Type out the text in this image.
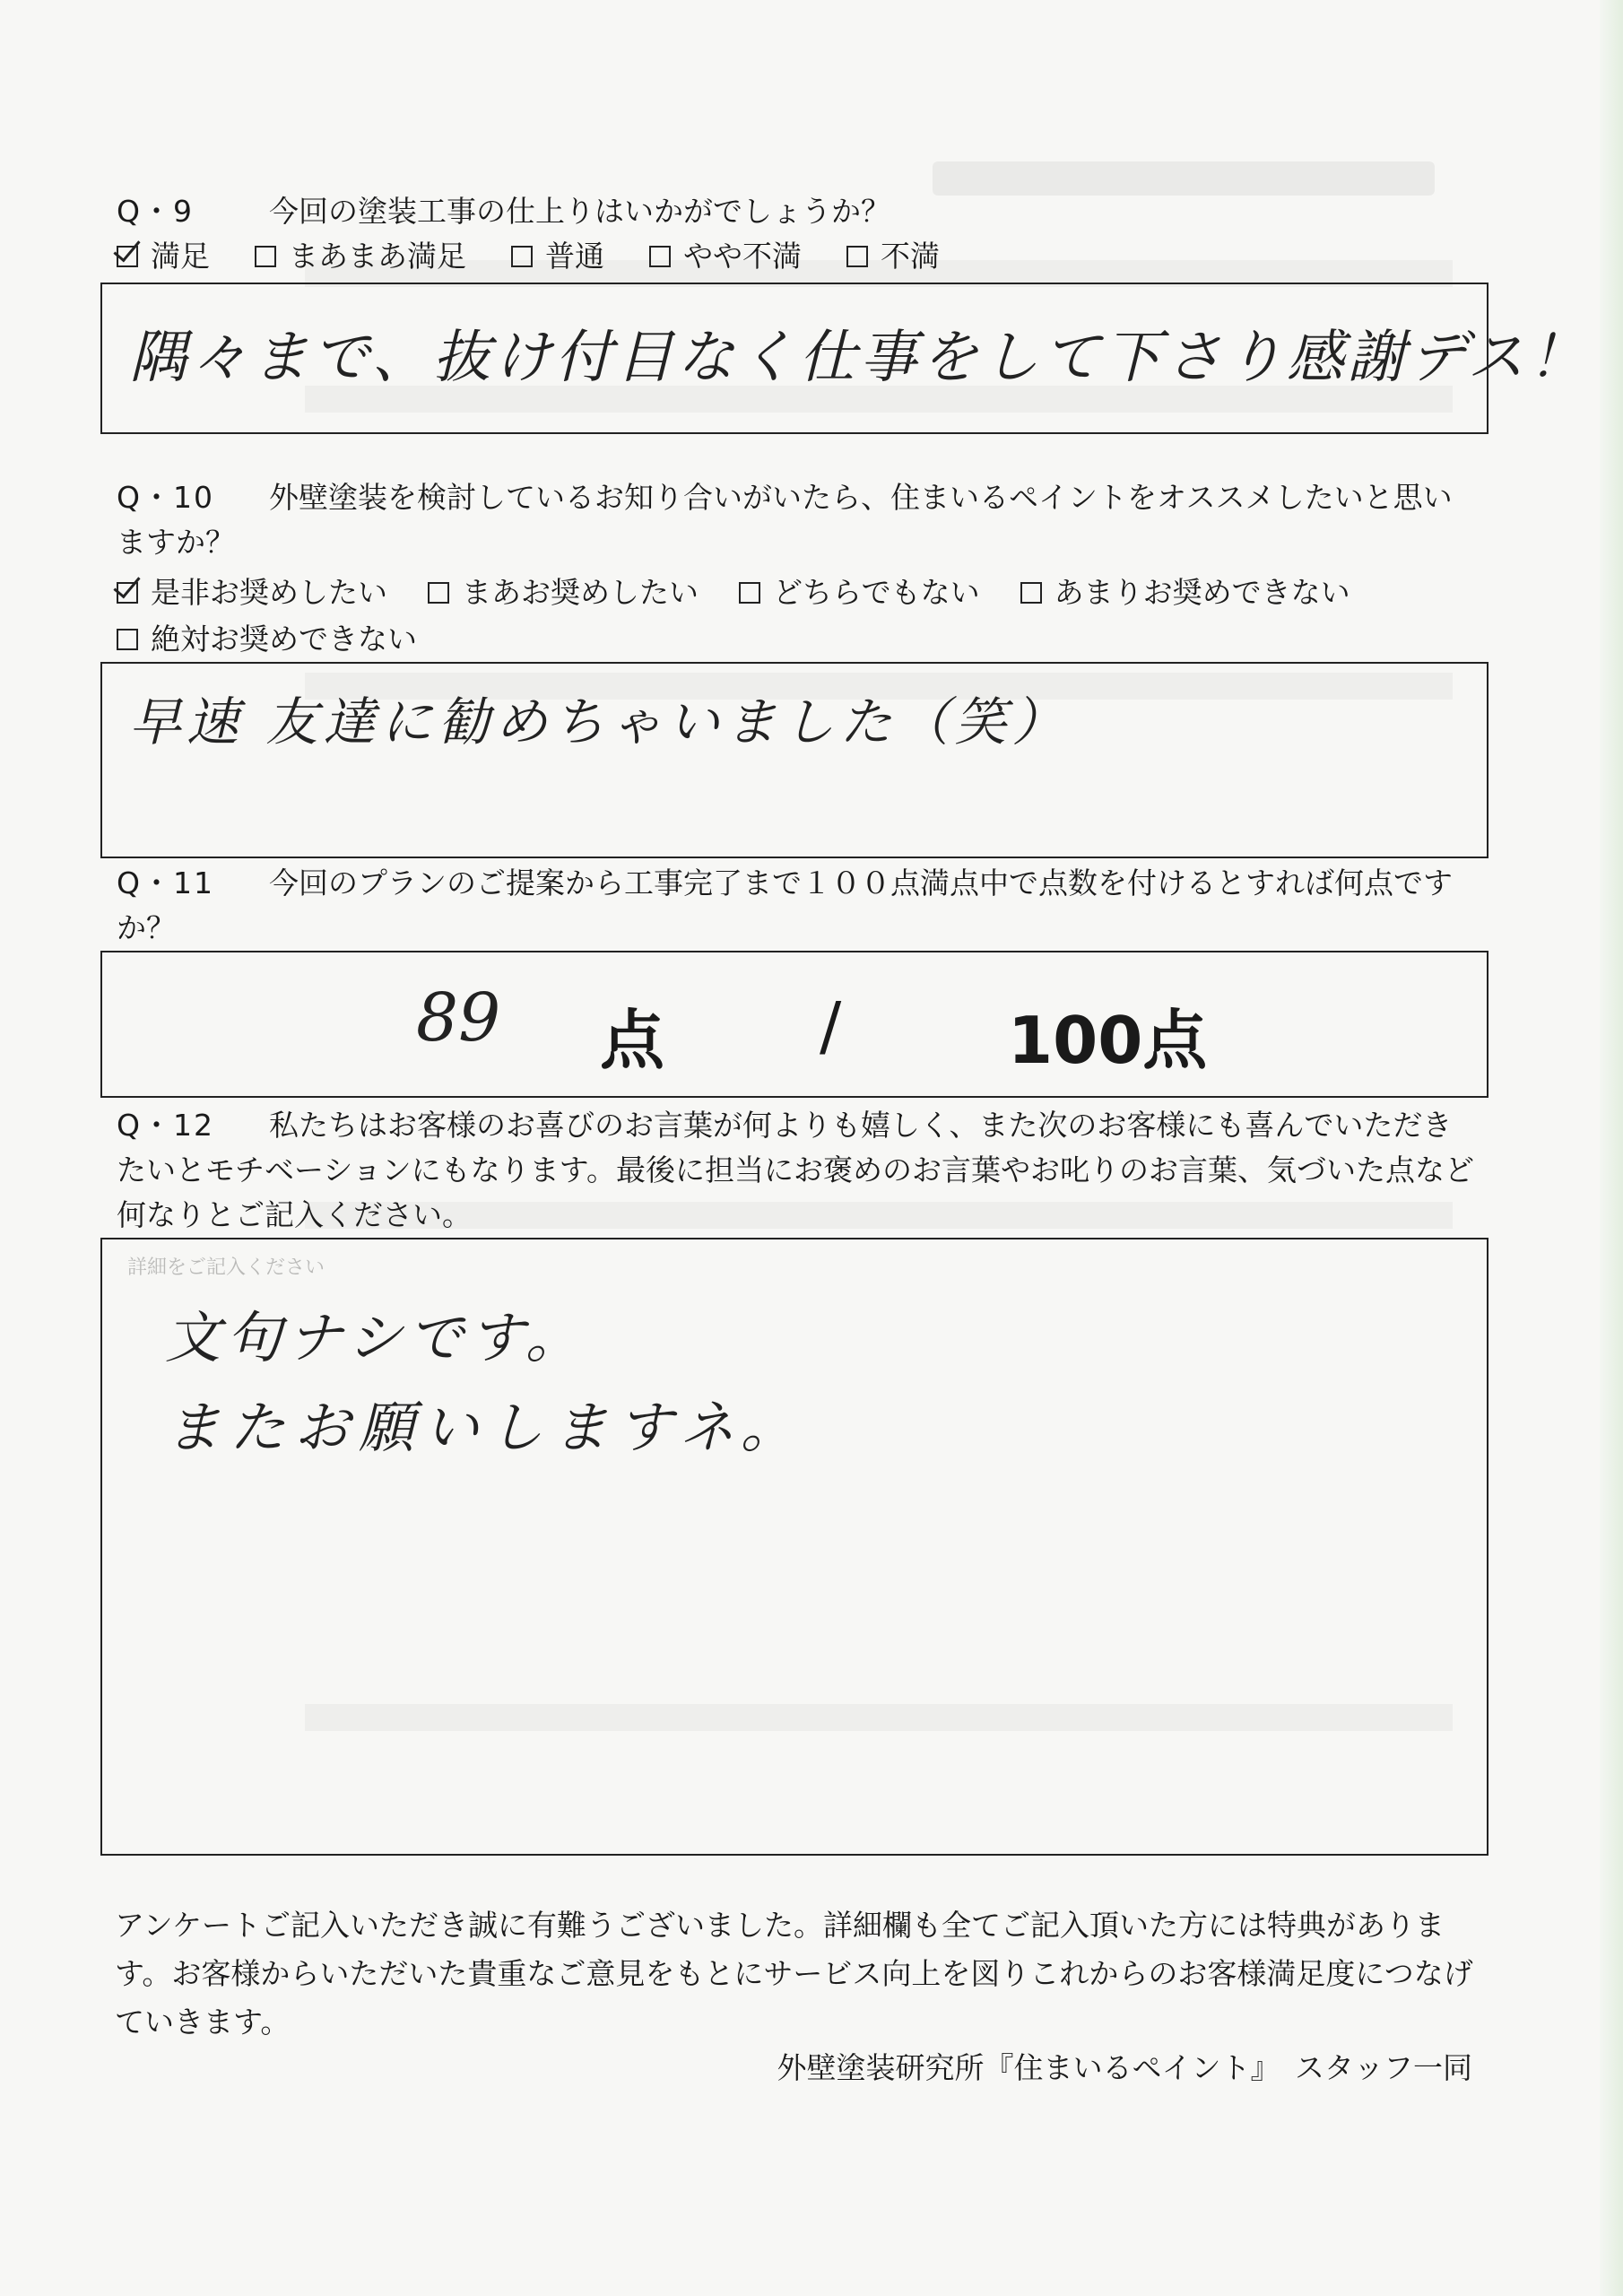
Q・9	今回の塗装工事の仕上りはいかがでしょうか？
満足	まあまあ満足	普通	やや不満	不満
隅々まで、抜け付目なく仕事をして下さり感謝デス！
Q・10 外壁塗装を検討しているお知り合いがいたら、住まいるペイントをオススメしたいと思いますか？
是非お奨めしたい	まあお奨めしたい	どちらでもない	あまりお奨めできない
絶対お奨めできない
早速 友達に勧めちゃいました（笑）
Q・11 今回のプランのご提案から工事完了まで１００点満点中で点数を付けるとすれば何点ですか？
89 点 /	100点
Q・12 私たちはお客様のお喜びのお言葉が何よりも嬉しく、また次のお客様にも喜んでいただきたいとモチベーションにもなります。最後に担当にお褒めのお言葉やお叱りのお言葉、気づいた点など何なりとご記入ください。
詳細をご記入ください
文句ナシです。
またお願いしますネ。
アンケートご記入いただき誠に有難うございました。詳細欄も全てご記入頂いた方には特典があります。お客様からいただいた貴重なご意見をもとにサービス向上を図りこれからのお客様満足度につなげていきます。
外壁塗装研究所『住まいるペイント』　スタッフ一同
